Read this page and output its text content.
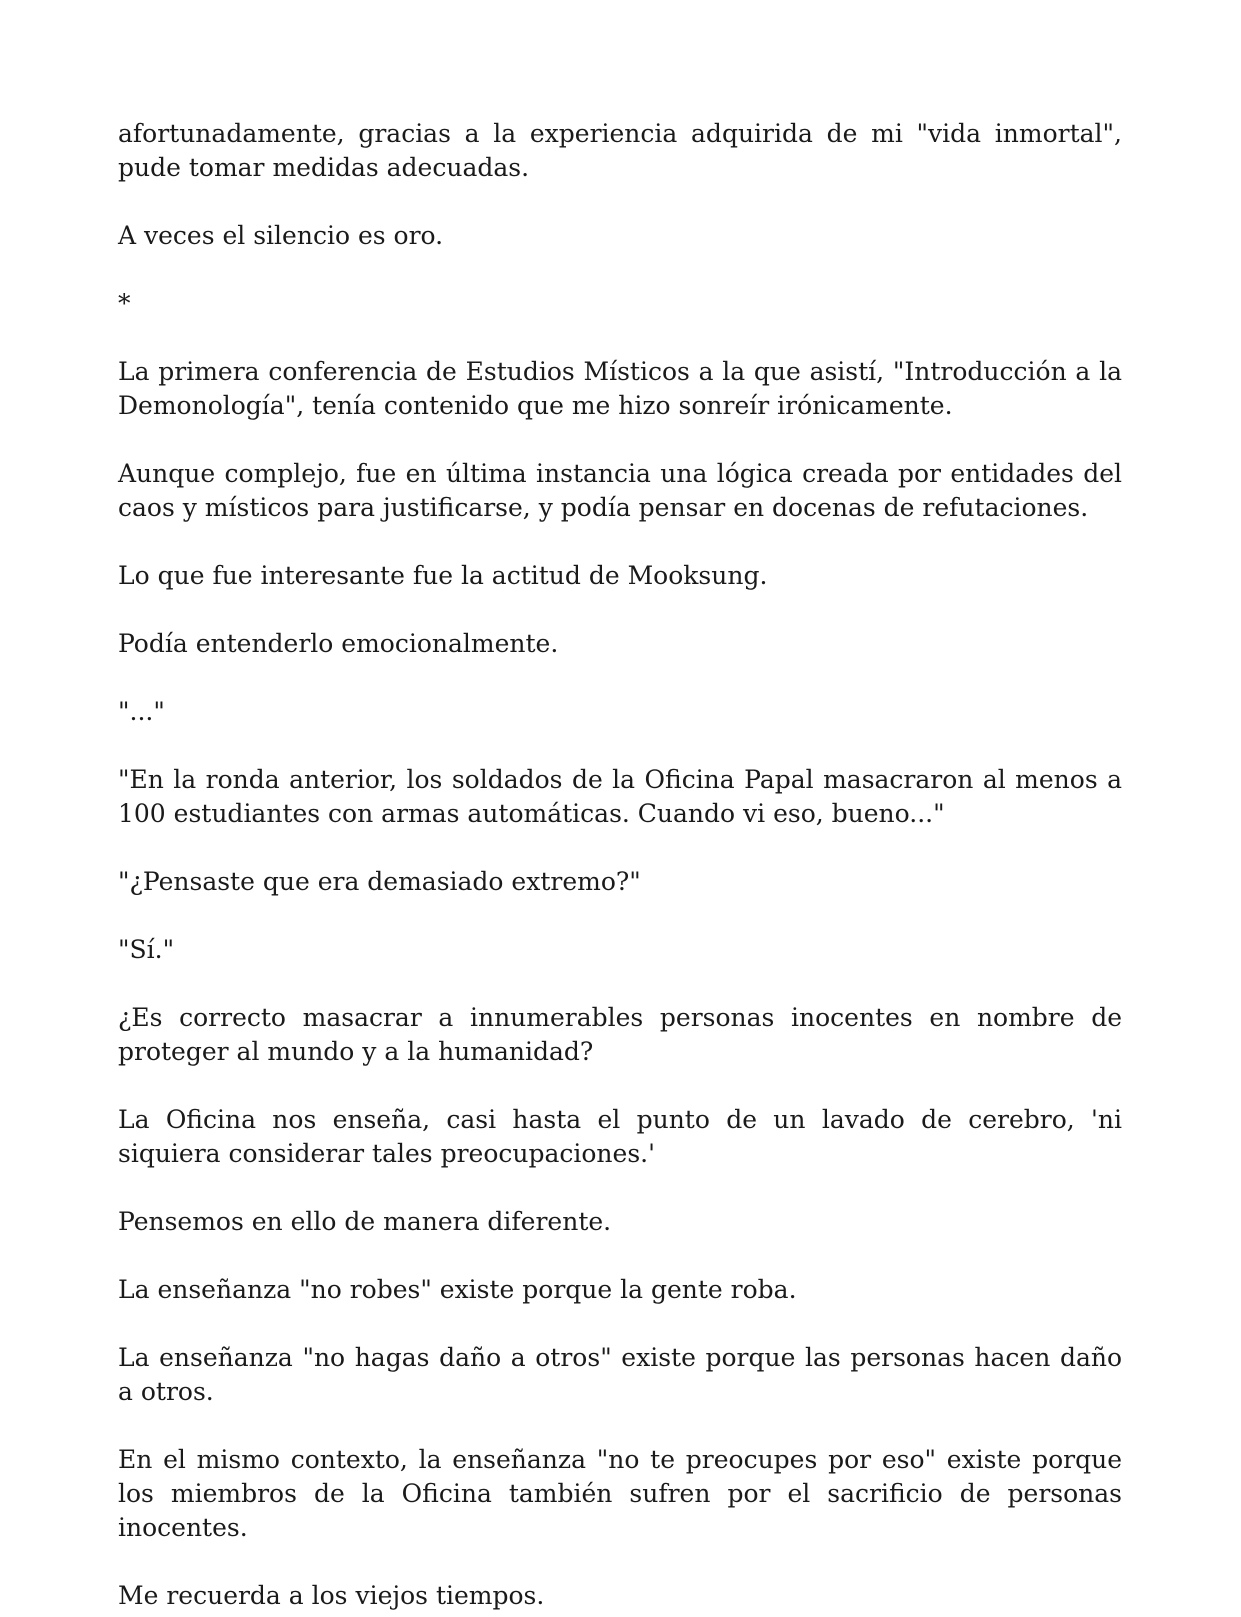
afortunadamente, gracias a la experiencia adquirida de mi "vida inmortal", pude tomar medidas adecuadas.

A veces el silencio es oro.

*

La primera conferencia de Estudios Místicos a la que asistí, "Introducción a la Demonología", tenía contenido que me hizo sonreír irónicamente.

Aunque complejo, fue en última instancia una lógica creada por entidades del caos y místicos para justificarse, y podía pensar en docenas de refutaciones.

Lo que fue interesante fue la actitud de Mooksung.

Podía entenderlo emocionalmente.

"..."

"En la ronda anterior, los soldados de la Oficina Papal masacraron al menos a 100 estudiantes con armas automáticas. Cuando vi eso, bueno..."

"¿Pensaste que era demasiado extremo?"

"Sí."

¿Es correcto masacrar a innumerables personas inocentes en nombre de proteger al mundo y a la humanidad?

La Oficina nos enseña, casi hasta el punto de un lavado de cerebro, 'ni siquiera considerar tales preocupaciones.'

Pensemos en ello de manera diferente.

La enseñanza "no robes" existe porque la gente roba.

La enseñanza "no hagas daño a otros" existe porque las personas hacen daño a otros.

En el mismo contexto, la enseñanza "no te preocupes por eso" existe porque los miembros de la Oficina también sufren por el sacrificio de personas inocentes.

Me recuerda a los viejos tiempos.
